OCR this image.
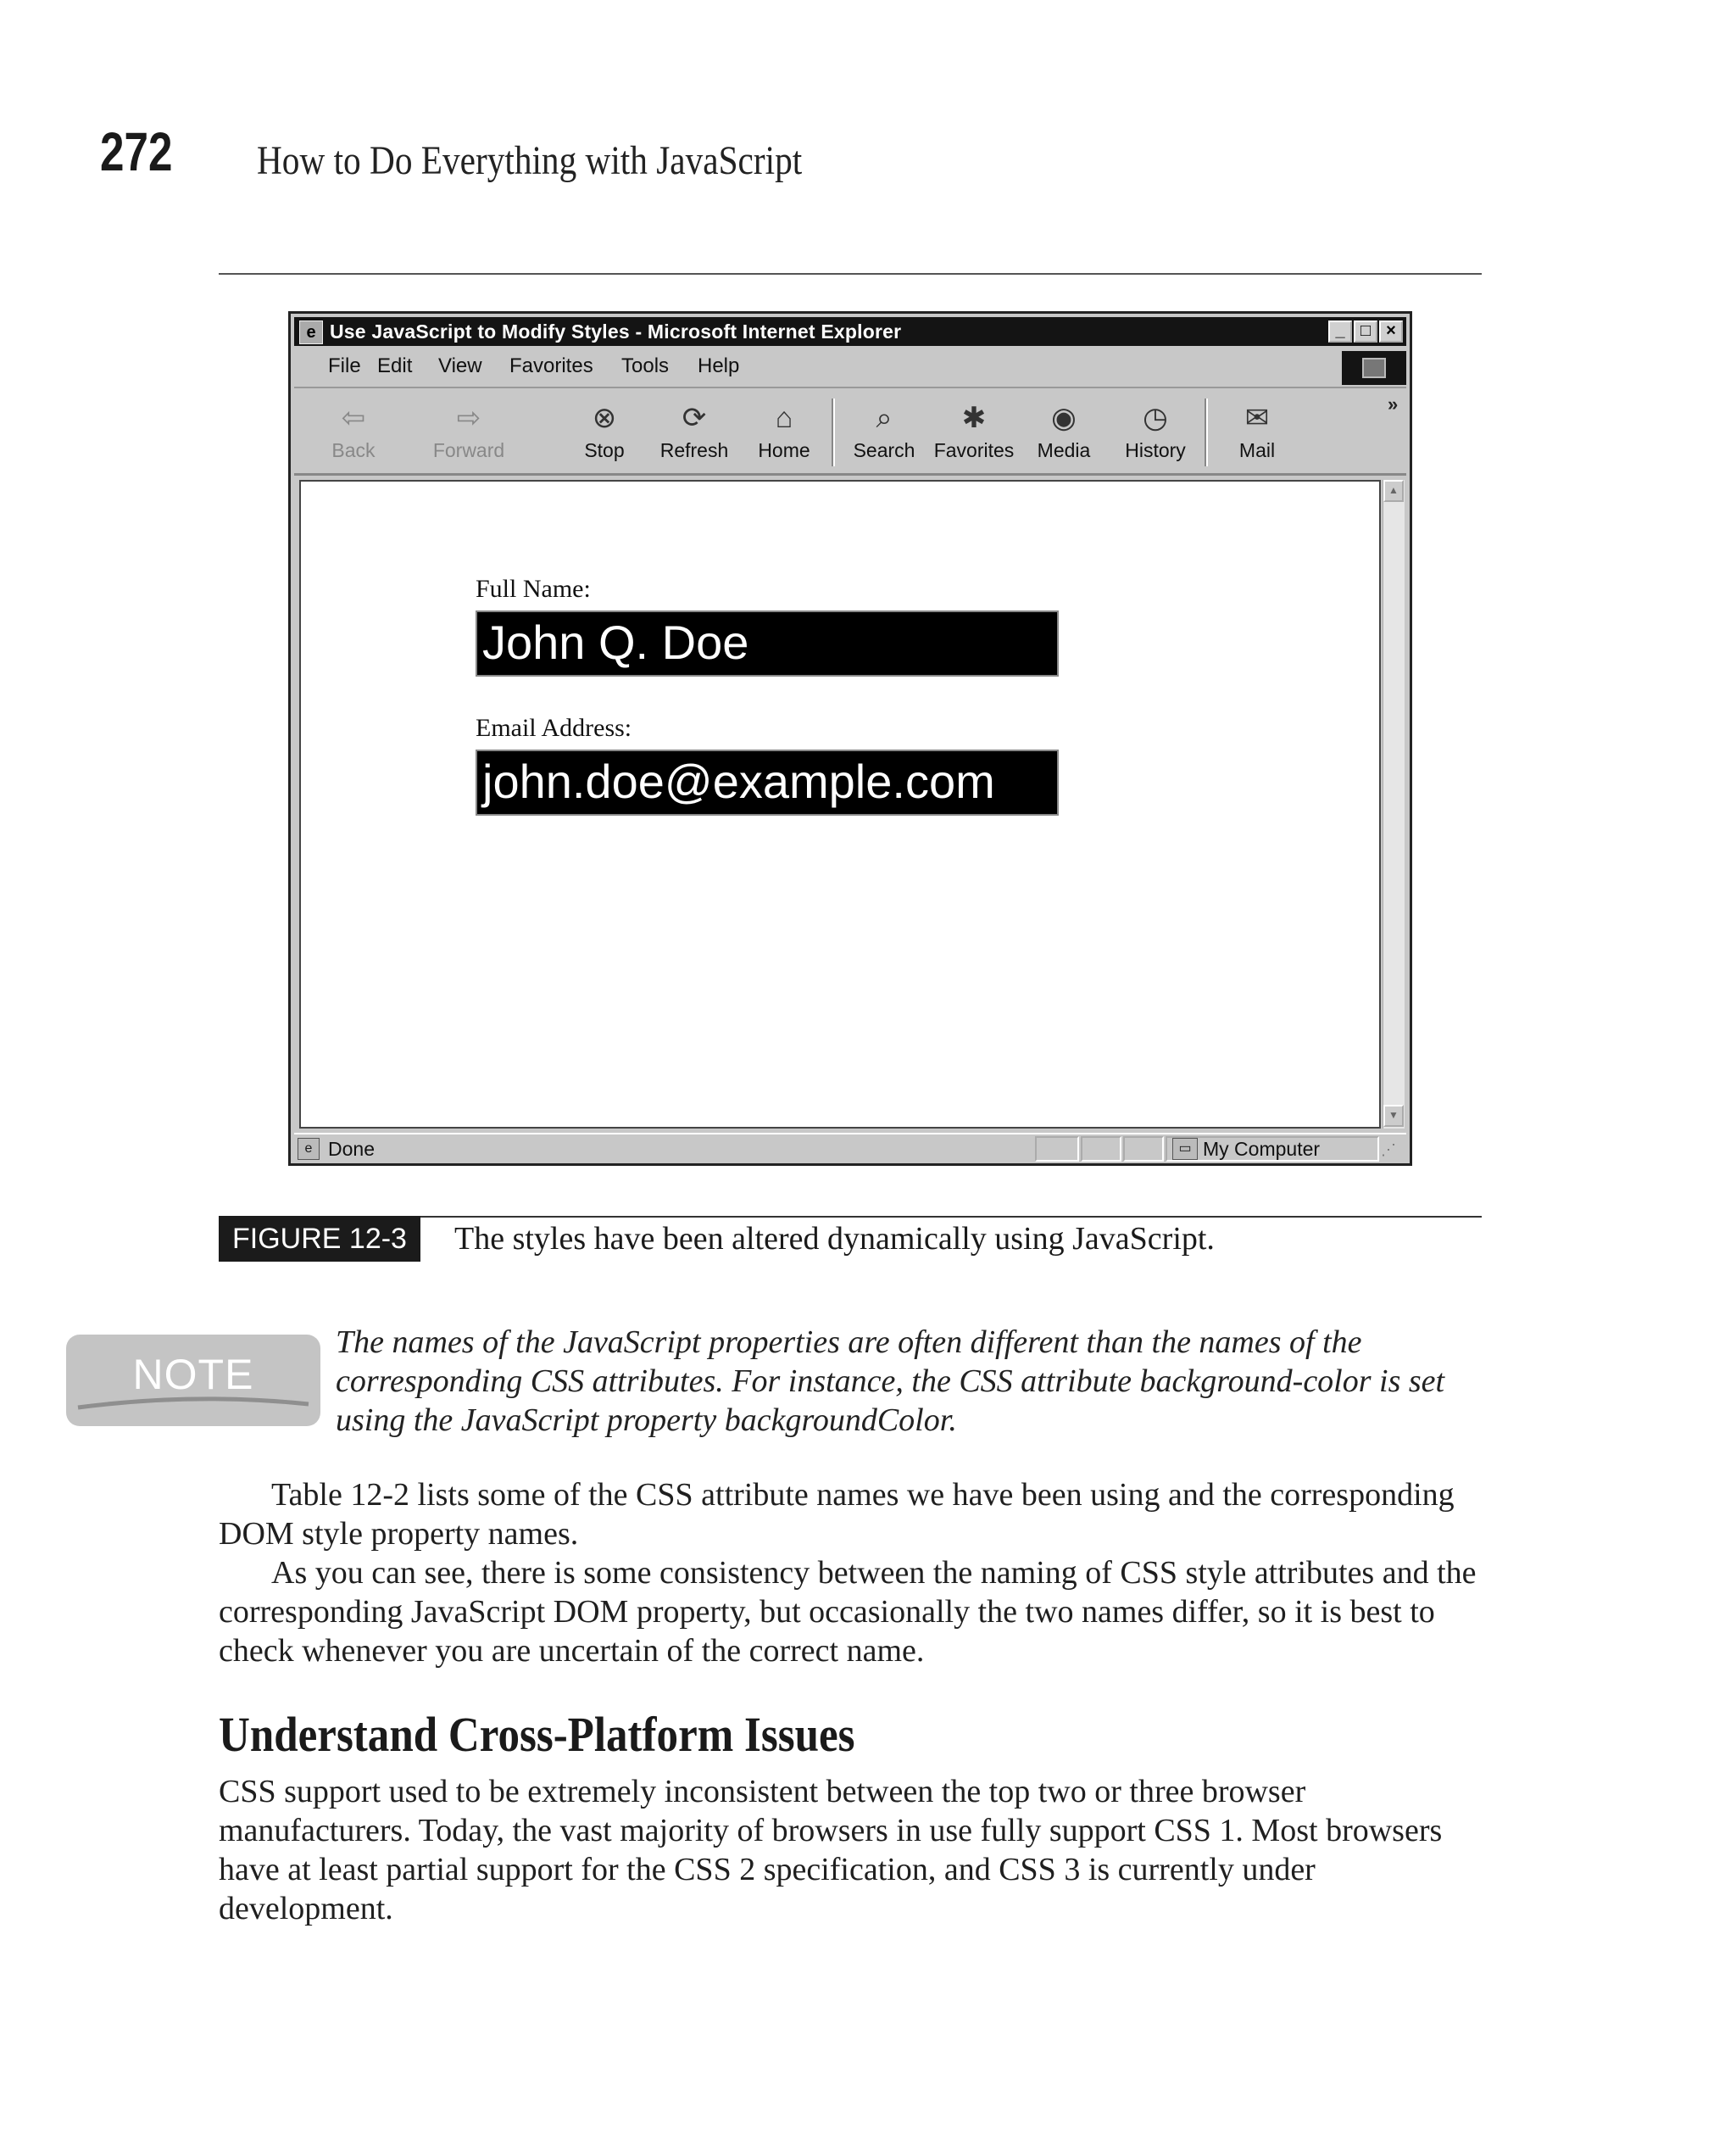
272 How to Do Everything with JavaScript
e Use JavaScript to Modify Styles - Microsoft Internet Explorer	_ □ ×
File Edit View Favorites Tools Help
⇦
Back
⇨
Forward
⊗
Stop
⟳
Refresh
⌂
Home
⌕
Search
✱
Favorites
◉
Media
◷
History
✉
Mail
»
Full Name:
John Q. Doe
Email Address:
john.doe@example.com
▲
▼
e Done	▭ My Computer	⋰
FIGURE 12-3	The styles have been altered dynamically using JavaScript.
NOTE
The names of the JavaScript properties are often different than the names of the corresponding CSS attributes. For instance, the CSS attribute background-color is set using the JavaScript property backgroundColor.
Table 12-2 lists some of the CSS attribute names we have been using and the corresponding DOM style property names.
As you can see, there is some consistency between the naming of CSS style attributes and the corresponding JavaScript DOM property, but occasionally the two names differ, so it is best to check whenever you are uncertain of the correct name.
Understand Cross-Platform Issues
CSS support used to be extremely inconsistent between the top two or three browser manufacturers. Today, the vast majority of browsers in use fully support CSS 1. Most browsers have at least partial support for the CSS 2 specification, and CSS 3 is currently under development.
